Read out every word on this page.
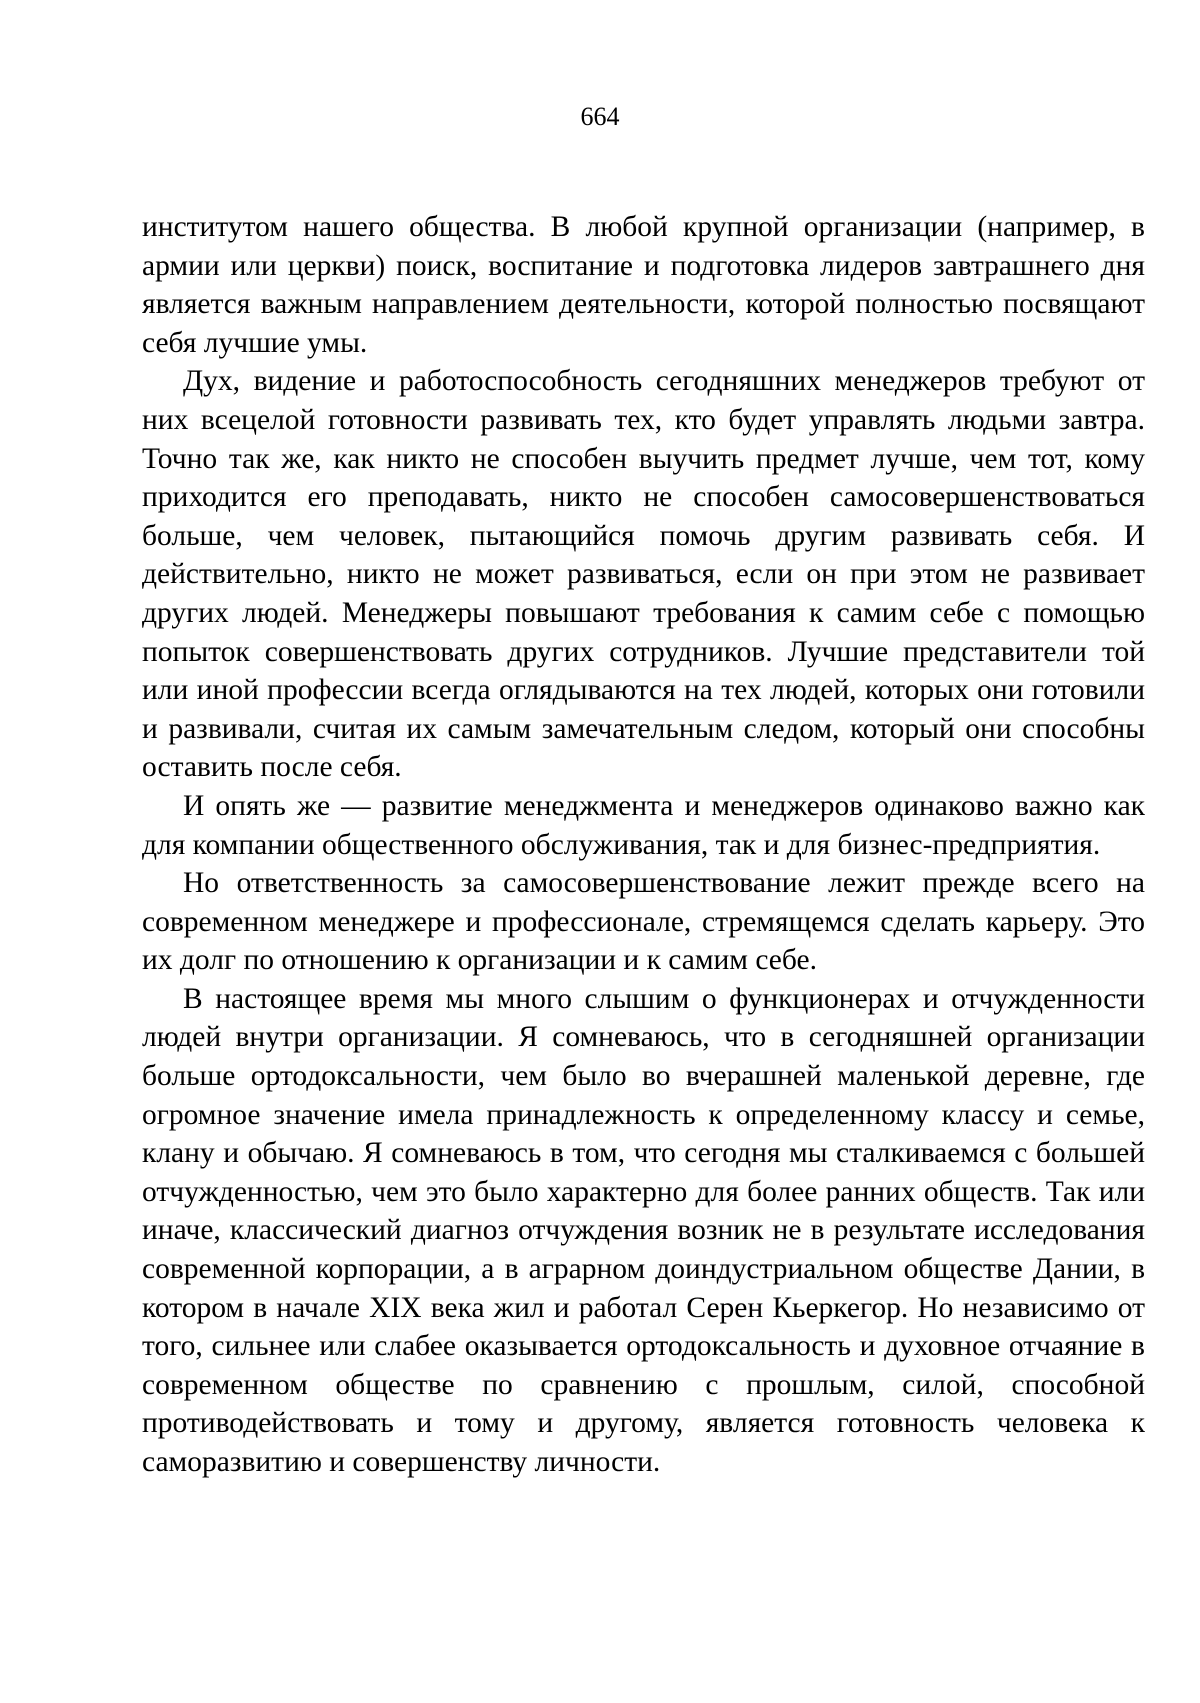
664

институтом нашего общества. В любой крупной организации (например, в армии или церкви) поиск, воспитание и подготовка лидеров завтрашнего дня является важным направлением деятельности, которой полностью посвящают себя лучшие умы.

Дух, видение и работоспособность сегодняшних менеджеров требуют от них всецелой готовности развивать тех, кто будет управлять людьми завтра. Точно так же, как никто не способен выучить предмет лучше, чем тот, кому приходится его преподавать, никто не способен самосовершенствоваться больше, чем человек, пытающийся помочь другим развивать себя. И действительно, никто не может развиваться, если он при этом не развивает других людей. Менеджеры повышают требования к самим себе с помощью попыток совершенствовать других сотрудников. Лучшие представители той или иной профессии всегда оглядываются на тех людей, которых они готовили и развивали, считая их самым замечательным следом, который они способны оставить после себя.

И опять же — развитие менеджмента и менеджеров одинаково важно как для компании общественного обслуживания, так и для бизнес-предприятия.

Но ответственность за самосовершенствование лежит прежде всего на современном менеджере и профессионале, стремящемся сделать карьеру. Это их долг по отношению к организации и к самим себе.

В настоящее время мы много слышим о функционерах и отчужденности людей внутри организации. Я сомневаюсь, что в сегодняшней организации больше ортодоксальности, чем было во вчерашней маленькой деревне, где огромное значение имела принадлежность к определенному классу и семье, клану и обычаю. Я сомневаюсь в том, что сегодня мы сталкиваемся с большей отчужденностью, чем это было характерно для более ранних обществ. Так или иначе, классический диагноз отчуждения возник не в результате исследования современной корпорации, а в аграрном доиндустриальном обществе Дании, в котором в начале XIX века жил и работал Серен Кьеркегор. Но независимо от того, сильнее или слабее оказывается ортодоксальность и духовное отчаяние в современном обществе по сравнению с прошлым, силой, способной противодействовать и тому и другому, является готовность человека к саморазвитию и совершенству личности.
